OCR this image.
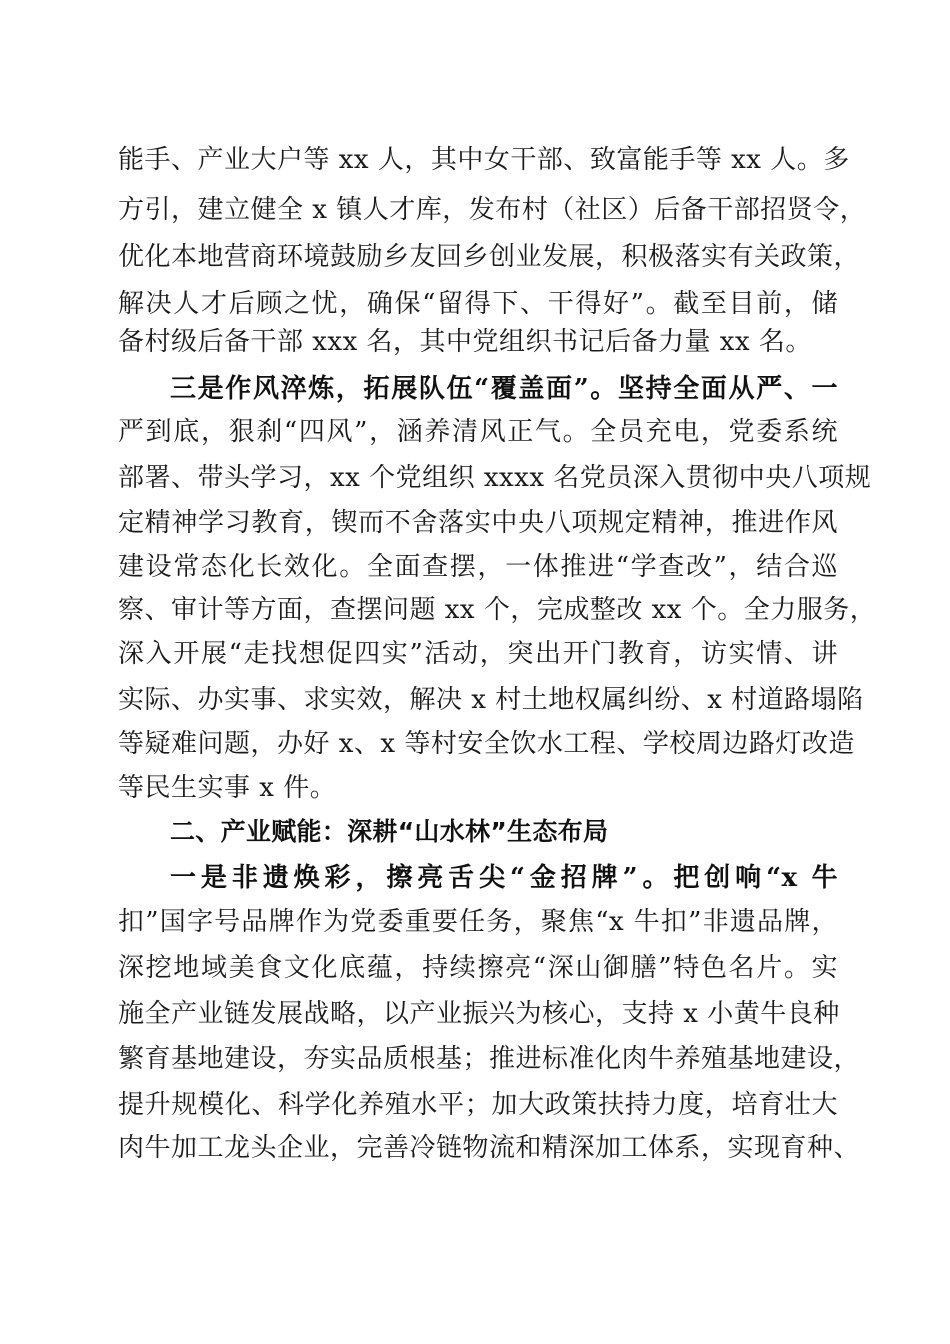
能手、产业大户等 xx 人，其中女干部、致富能手等 xx 人。多
方引，建立健全 x 镇人才库，发布村（社区）后备干部招贤令，
优化本地营商环境鼓励乡友回乡创业发展，积极落实有关政策，
解决人才后顾之忧，确保“留得下、干得好”。截至目前，储
备村级后备干部 xxx 名，其中党组织书记后备力量 xx 名。
三是作风淬炼，拓展队伍“覆盖面”。坚持全面从严、一
严到底，狠刹“四风”，涵养清风正气。全员充电，党委系统
部署、带头学习，xx 个党组织 xxxx 名党员深入贯彻中央八项规
定精神学习教育，锲而不舍落实中央八项规定精神，推进作风
建设常态化长效化。全面查摆，一体推进“学查改”，结合巡
察、审计等方面，查摆问题 xx 个，完成整改 xx 个。全力服务，
深入开展“走找想促四实”活动，突出开门教育，访实情、讲
实际、办实事、求实效，解决 x 村土地权属纠纷、x 村道路塌陷
等疑难问题，办好 x、x 等村安全饮水工程、学校周边路灯改造
等民生实事 x 件。
二、产业赋能：深耕“山水林”生态布局
一是非遗焕彩，擦亮舌尖“金招牌”。把创响“x 牛
扣”国字号品牌作为党委重要任务，聚焦“x 牛扣”非遗品牌，
深挖地域美食文化底蕴，持续擦亮“深山御膳”特色名片。实
施全产业链发展战略，以产业振兴为核心，支持 x 小黄牛良种
繁育基地建设，夯实品质根基；推进标准化肉牛养殖基地建设，
提升规模化、科学化养殖水平；加大政策扶持力度，培育壮大
肉牛加工龙头企业，完善冷链物流和精深加工体系，实现育种、
